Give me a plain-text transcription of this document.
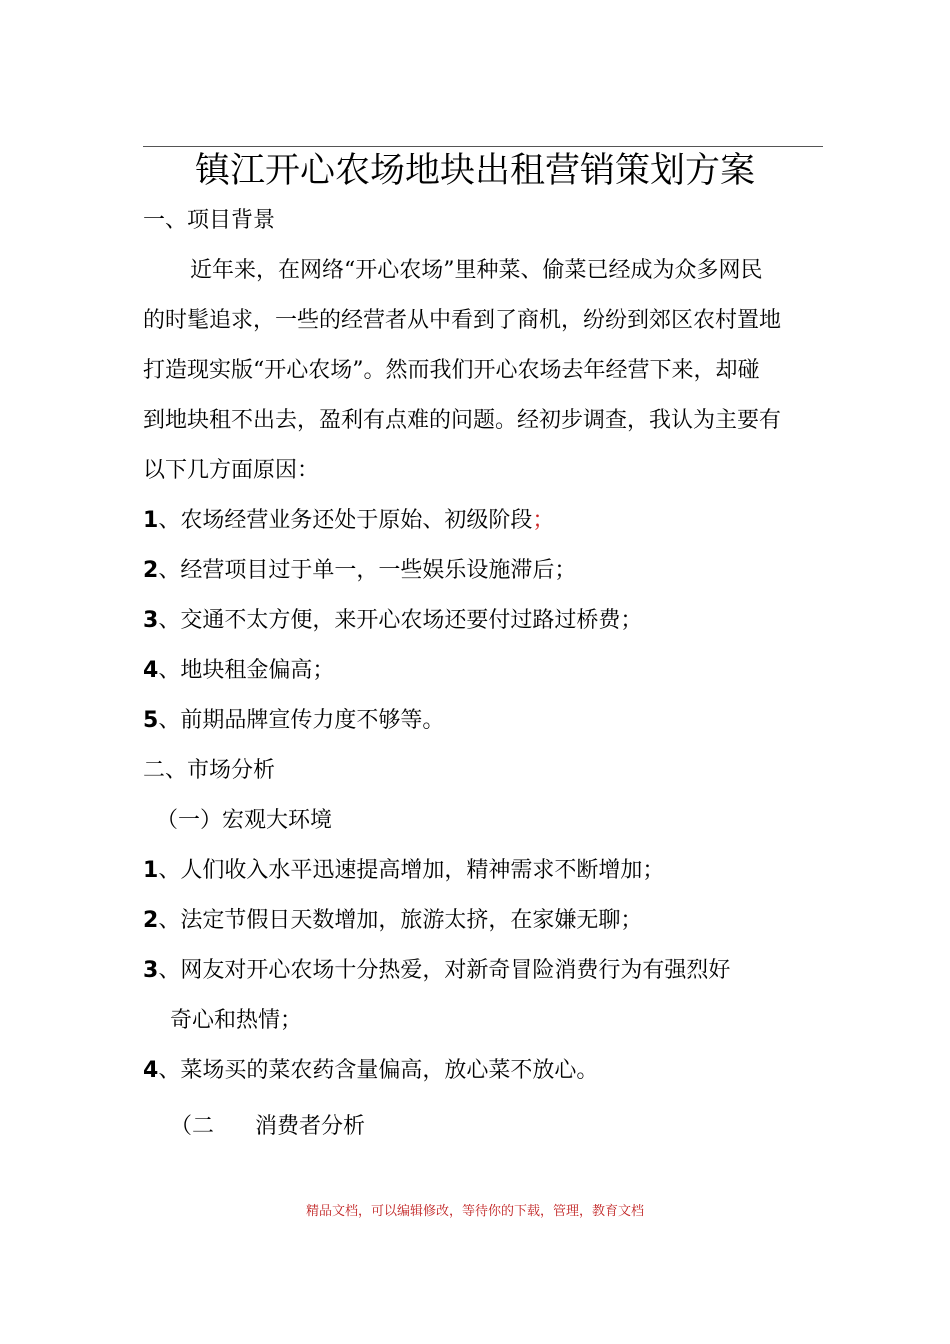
镇江开心农场地块出租营销策划方案
一、项目背景
近年来，在网络“开心农场”里种菜、偷菜已经成为众多网民
的时髦追求，一些的经营者从中看到了商机，纷纷到郊区农村置地
打造现实版“开心农场”。然而我们开心农场去年经营下来，却碰
到地块租不出去，盈利有点难的问题。经初步调查，我认为主要有
以下几方面原因：
1、农场经营业务还处于原始、初级阶段；
2、经营项目过于单一，一些娱乐设施滞后；
3、交通不太方便，来开心农场还要付过路过桥费；
4、地块租金偏高；
5、前期品牌宣传力度不够等。
二、市场分析
（一）宏观大环境
1、人们收入水平迅速提高增加，精神需求不断增加；
2、法定节假日天数增加，旅游太挤，在家嫌无聊；
3、网友对开心农场十分热爱，对新奇冒险消费行为有强烈好
奇心和热情；
4、菜场买的菜农药含量偏高，放心菜不放心。
（二 消费者分析
精品文档，可以编辑修改，等待你的下载，管理，教育文档
